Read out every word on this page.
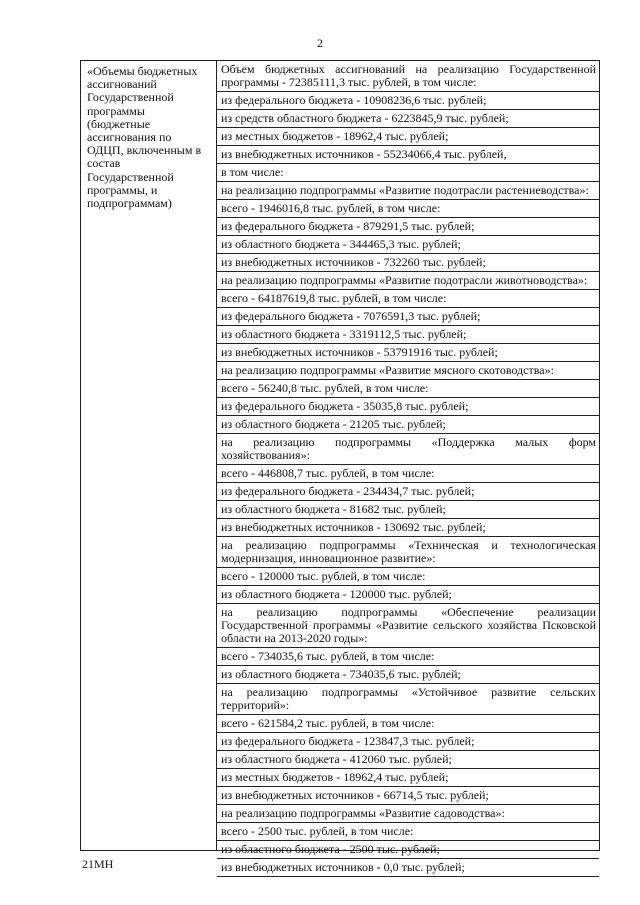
2
«Объемы бюджетных
ассигнований
Государственной
программы
(бюджетные
ассигнования по
ОДЦП, включенным в
состав
Государственной
программы, и
подпрограммам)
Объем бюджетных ассигнований на реализацию Государственной программы - 72385111,3 тыс. рублей, в том числе:
из федерального бюджета - 10908236,6 тыс. рублей;
из средств областного бюджета - 6223845,9 тыс. рублей;
из местных бюджетов - 18962,4 тыс. рублей;
из внебюджетных источников - 55234066,4 тыс. рублей,
в том числе:
на реализацию подпрограммы «Развитие подотрасли растениеводства»:
всего - 1946016,8 тыс. рублей, в том числе:
из федерального бюджета - 879291,5 тыс. рублей;
из областного бюджета - 344465,3 тыс. рублей;
из внебюджетных источников - 732260 тыс. рублей;
на реализацию подпрограммы «Развитие подотрасли животноводства»:
всего - 64187619,8 тыс. рублей, в том числе:
из федерального бюджета - 7076591,3 тыс. рублей;
из областного бюджета - 3319112,5 тыс. рублей;
из внебюджетных источников - 53791916 тыс. рублей;
на реализацию подпрограммы «Развитие мясного скотоводства»:
всего - 56240,8 тыс. рублей, в том числе:
из федерального бюджета - 35035,8 тыс. рублей;
из областного бюджета - 21205 тыс. рублей;
на реализацию подпрограммы «Поддержка малых форм хозяйствования»:
всего - 446808,7 тыс. рублей, в том числе:
из федерального бюджета - 234434,7 тыс. рублей;
из областного бюджета - 81682 тыс. рублей;
из внебюджетных источников - 130692 тыс. рублей;
на реализацию подпрограммы «Техническая и технологическая модернизация, инновационное развитие»:
всего - 120000 тыс. рублей, в том числе:
из областного бюджета - 120000 тыс. рублей;
на реализацию подпрограммы «Обеспечение реализации Государственной программы «Развитие сельского хозяйства Псковской области на 2013-2020 годы»:
всего - 734035,6 тыс. рублей, в том числе:
из областного бюджета - 734035,6 тыс. рублей;
на реализацию подпрограммы «Устойчивое развитие сельских территорий»:
всего - 621584,2 тыс. рублей, в том числе:
из федерального бюджета - 123847,3 тыс. рублей;
из областного бюджета - 412060 тыс. рублей;
из местных бюджетов - 18962,4 тыс. рублей;
из внебюджетных источников - 66714,5 тыс. рублей;
на реализацию подпрограммы «Развитие садоводства»:
всего - 2500 тыс. рублей, в том числе:
из областного бюджета - 2500 тыс. рублей;
из внебюджетных источников - 0,0 тыс. рублей;
21МН
